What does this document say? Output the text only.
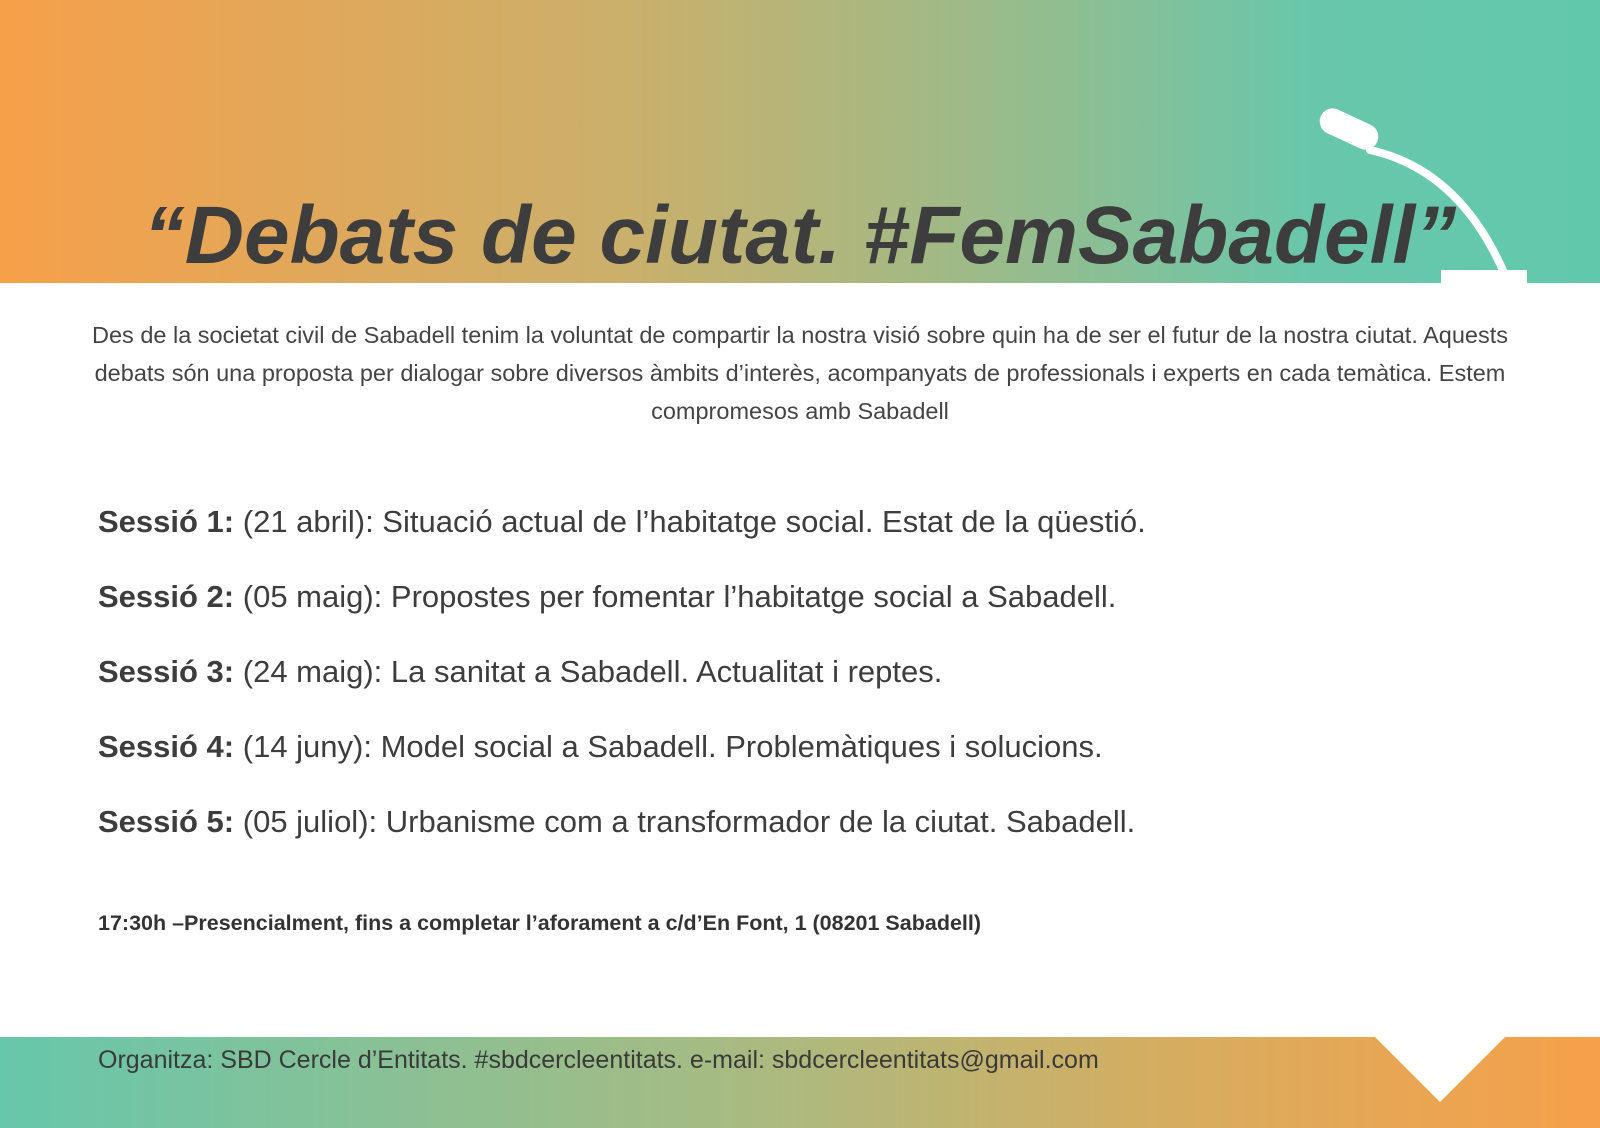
“Debats de ciutat. #FemSabadell”

Des de la societat civil de Sabadell tenim la voluntat de compartir la nostra visió sobre quin ha de ser el futur de la nostra ciutat. Aquests debats són una proposta per dialogar sobre diversos àmbits d’interès, acompanyats de professionals i experts en cada temàtica. Estem compromesos amb Sabadell

Sessió 1: (21 abril): Situació actual de l’habitatge social. Estat de la qüestió.
Sessió 2: (05 maig): Propostes per fomentar l’habitatge social a Sabadell.
Sessió 3: (24 maig): La sanitat a Sabadell. Actualitat i reptes.
Sessió 4: (14 juny): Model social a Sabadell. Problemàtiques i solucions.
Sessió 5: (05 juliol): Urbanisme com a transformador de la ciutat. Sabadell.

17:30h –Presencialment, fins a completar l’aforament a c/d’En Font, 1 (08201 Sabadell)

Organitza: SBD Cercle d’Entitats. #sbdcercleentitats. e-mail: sbdcercleentitats@gmail.com
